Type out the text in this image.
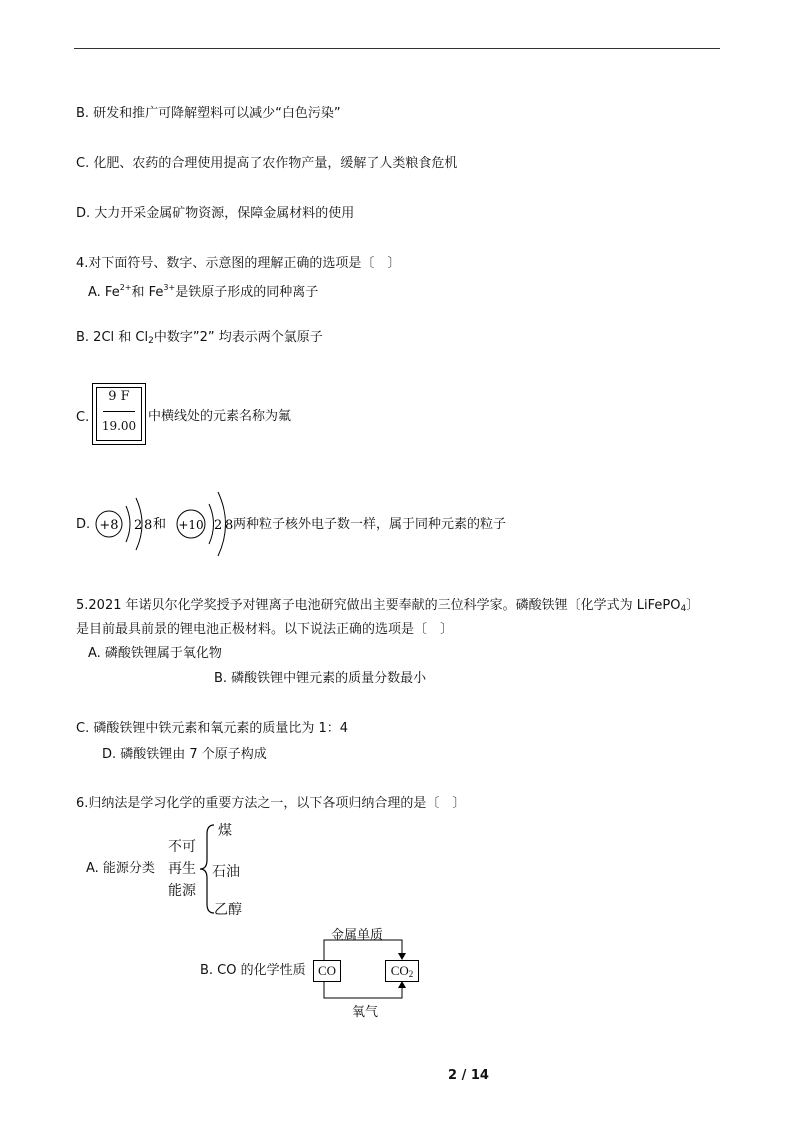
B. 研发和推广可降解塑料可以减少“白色污染”
C. 化肥、农药的合理使用提高了农作物产量，缓解了人类粮食危机
D. 大力开采金属矿物资源，保障金属材料的使用
4.对下面符号、数字、示意图的理解正确的选项是〔　〕
A. $Fe^{2+}$和 $Fe^{3+}$是铁原子形成的同种离子
B. 2Cl 和 $Cl_2$中数字”2” 均表示两个氯原子
C.
9 F
19.00
中横线处的元素名称为氟
D. +8 2 8 和 +10 2 8 两种粒子核外电子数一样，属于同种元素的粒子
5.2021 年诺贝尔化学奖授予对锂离子电池研究做出主要奉献的三位科学家。磷酸铁锂〔化学式为 LiFePO$_4$〕
是目前最具前景的锂电池正极材料。以下说法正确的选项是〔　〕
A. 磷酸铁锂属于氧化物
B. 磷酸铁锂中锂元素的质量分数最小
C. 磷酸铁锂中铁元素和氧元素的质量比为 1：4
D. 磷酸铁锂由 7 个原子构成
6.归纳法是学习化学的重要方法之一，以下各项归纳合理的是〔　〕
A. 能源分类
不可
再生
能源
煤
石油
乙醇
B. CO 的化学性质
金属单质
CO	$CO_2$
氧气
2 / 14
